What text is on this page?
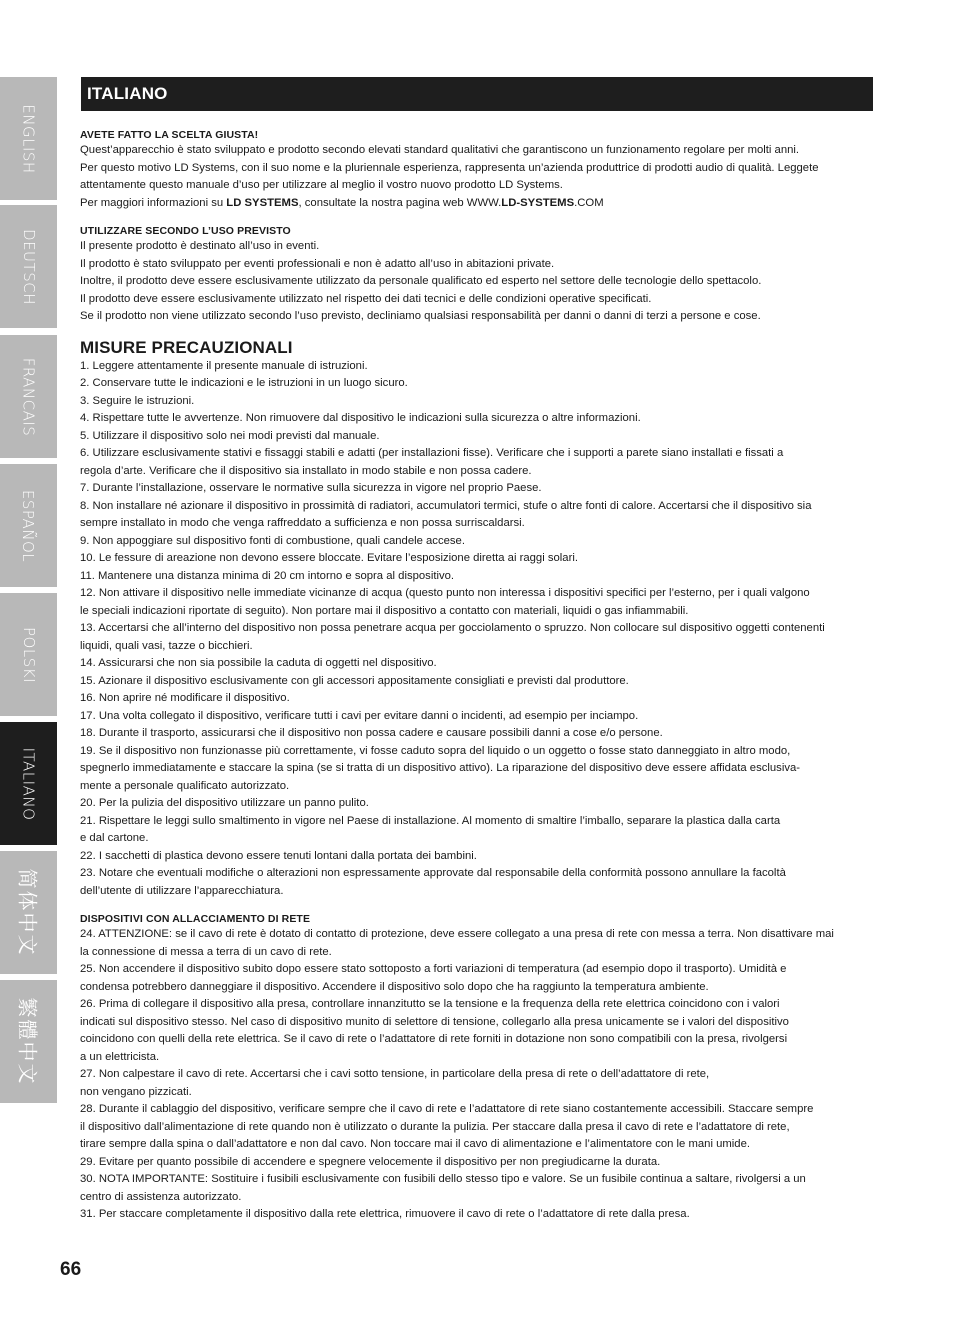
ENGLISH
DEUTSCH
FRANCAIS
ESPAÑOL
POLSKI
ITALIANO
简体中文
繁體中文
ITALIANO

AVETE FATTO LA SCELTA GIUSTA!

Quest’apparecchio è stato sviluppato e prodotto secondo elevati standard qualitativi che garantiscono un funzionamento regolare per molti anni.

Per questo motivo LD Systems, con il suo nome e la pluriennale esperienza, rappresenta un’azienda produttrice di prodotti audio di qualità. Leggete

attentamente questo manuale d’uso per utilizzare al meglio il vostro nuovo prodotto LD Systems.

Per maggiori informazioni su LD SYSTEMS, consultate la nostra pagina web WWW.LD-SYSTEMS.COM

UTILIZZARE SECONDO L’USO PREVISTO

Il presente prodotto è destinato all’uso in eventi.

Il prodotto è stato sviluppato per eventi professionali e non è adatto all’uso in abitazioni private.

Inoltre, il prodotto deve essere esclusivamente utilizzato da personale qualificato ed esperto nel settore delle tecnologie dello spettacolo.

Il prodotto deve essere esclusivamente utilizzato nel rispetto dei dati tecnici e delle condizioni operative specificati.

Se il prodotto non viene utilizzato secondo l’uso previsto, decliniamo qualsiasi responsabilità per danni o danni di terzi a persone e cose.

MISURE PRECAUZIONALI

1. Leggere attentamente il presente manuale di istruzioni.

2. Conservare tutte le indicazioni e le istruzioni in un luogo sicuro.

3. Seguire le istruzioni.

4. Rispettare tutte le avvertenze. Non rimuovere dal dispositivo le indicazioni sulla sicurezza o altre informazioni.

5. Utilizzare il dispositivo solo nei modi previsti dal manuale.

6. Utilizzare esclusivamente stativi e fissaggi stabili e adatti (per installazioni fisse). Verificare che i supporti a parete siano installati e fissati a

regola d’arte. Verificare che il dispositivo sia installato in modo stabile e non possa cadere.

7. Durante l’installazione, osservare le normative sulla sicurezza in vigore nel proprio Paese.

8. Non installare né azionare il dispositivo in prossimità di radiatori, accumulatori termici, stufe o altre fonti di calore. Accertarsi che il dispositivo sia

sempre installato in modo che venga raffreddato a sufficienza e non possa surriscaldarsi.

9. Non appoggiare sul dispositivo fonti di combustione, quali candele accese.

10. Le fessure di areazione non devono essere bloccate. Evitare l’esposizione diretta ai raggi solari.

11. Mantenere una distanza minima di 20 cm intorno e sopra al dispositivo.

12. Non attivare il dispositivo nelle immediate vicinanze di acqua (questo punto non interessa i dispositivi specifici per l’esterno, per i quali valgono

le speciali indicazioni riportate di seguito). Non portare mai il dispositivo a contatto con materiali, liquidi o gas infiammabili.

13. Accertarsi che all’interno del dispositivo non possa penetrare acqua per gocciolamento o spruzzo. Non collocare sul dispositivo oggetti contenenti

liquidi, quali vasi, tazze o bicchieri.

14. Assicurarsi che non sia possibile la caduta di oggetti nel dispositivo.

15. Azionare il dispositivo esclusivamente con gli accessori appositamente consigliati e previsti dal produttore.

16. Non aprire né modificare il dispositivo.

17. Una volta collegato il dispositivo, verificare tutti i cavi per evitare danni o incidenti, ad esempio per inciampo.

18. Durante il trasporto, assicurarsi che il dispositivo non possa cadere e causare possibili danni a cose e/o persone.

19. Se il dispositivo non funzionasse più correttamente, vi fosse caduto sopra del liquido o un oggetto o fosse stato danneggiato in altro modo,

spegnerlo immediatamente e staccare la spina (se si tratta di un dispositivo attivo). La riparazione del dispositivo deve essere affidata esclusiva-

mente a personale qualificato autorizzato.

20. Per la pulizia del dispositivo utilizzare un panno pulito.

21. Rispettare le leggi sullo smaltimento in vigore nel Paese di installazione. Al momento di smaltire l’imballo, separare la plastica dalla carta

e dal cartone.

22. I sacchetti di plastica devono essere tenuti lontani dalla portata dei bambini.

23. Notare che eventuali modifiche o alterazioni non espressamente approvate dal responsabile della conformità possono annullare la facoltà

dell’utente di utilizzare l’apparecchiatura.

DISPOSITIVI CON ALLACCIAMENTO DI RETE

24. ATTENZIONE: se il cavo di rete è dotato di contatto di protezione, deve essere collegato a una presa di rete con messa a terra. Non disattivare mai

la connessione di messa a terra di un cavo di rete.

25. Non accendere il dispositivo subito dopo essere stato sottoposto a forti variazioni di temperatura (ad esempio dopo il trasporto). Umidità e

condensa potrebbero danneggiare il dispositivo. Accendere il dispositivo solo dopo che ha raggiunto la temperatura ambiente.

26. Prima di collegare il dispositivo alla presa, controllare innanzitutto se la tensione e la frequenza della rete elettrica coincidono con i valori

indicati sul dispositivo stesso. Nel caso di dispositivo munito di selettore di tensione, collegarlo alla presa unicamente se i valori del dispositivo

coincidono con quelli della rete elettrica. Se il cavo di rete o l’adattatore di rete forniti in dotazione non sono compatibili con la presa, rivolgersi

a un elettricista.

27. Non calpestare il cavo di rete. Accertarsi che i cavi sotto tensione, in particolare della presa di rete o dell’adattatore di rete,

non vengano pizzicati.

28. Durante il cablaggio del dispositivo, verificare sempre che il cavo di rete e l’adattatore di rete siano costantemente accessibili. Staccare sempre

il dispositivo dall’alimentazione di rete quando non è utilizzato o durante la pulizia. Per staccare dalla presa il cavo di rete e l’adattatore di rete,

tirare sempre dalla spina o dall’adattatore e non dal cavo. Non toccare mai il cavo di alimentazione e l’alimentatore con le mani umide.

29. Evitare per quanto possibile di accendere e spegnere velocemente il dispositivo per non pregiudicarne la durata.

30. NOTA IMPORTANTE: Sostituire i fusibili esclusivamente con fusibili dello stesso tipo e valore. Se un fusibile continua a saltare, rivolgersi a un

centro di assistenza autorizzato.

31. Per staccare completamente il dispositivo dalla rete elettrica, rimuovere il cavo di rete o l’adattatore di rete dalla presa.

66
